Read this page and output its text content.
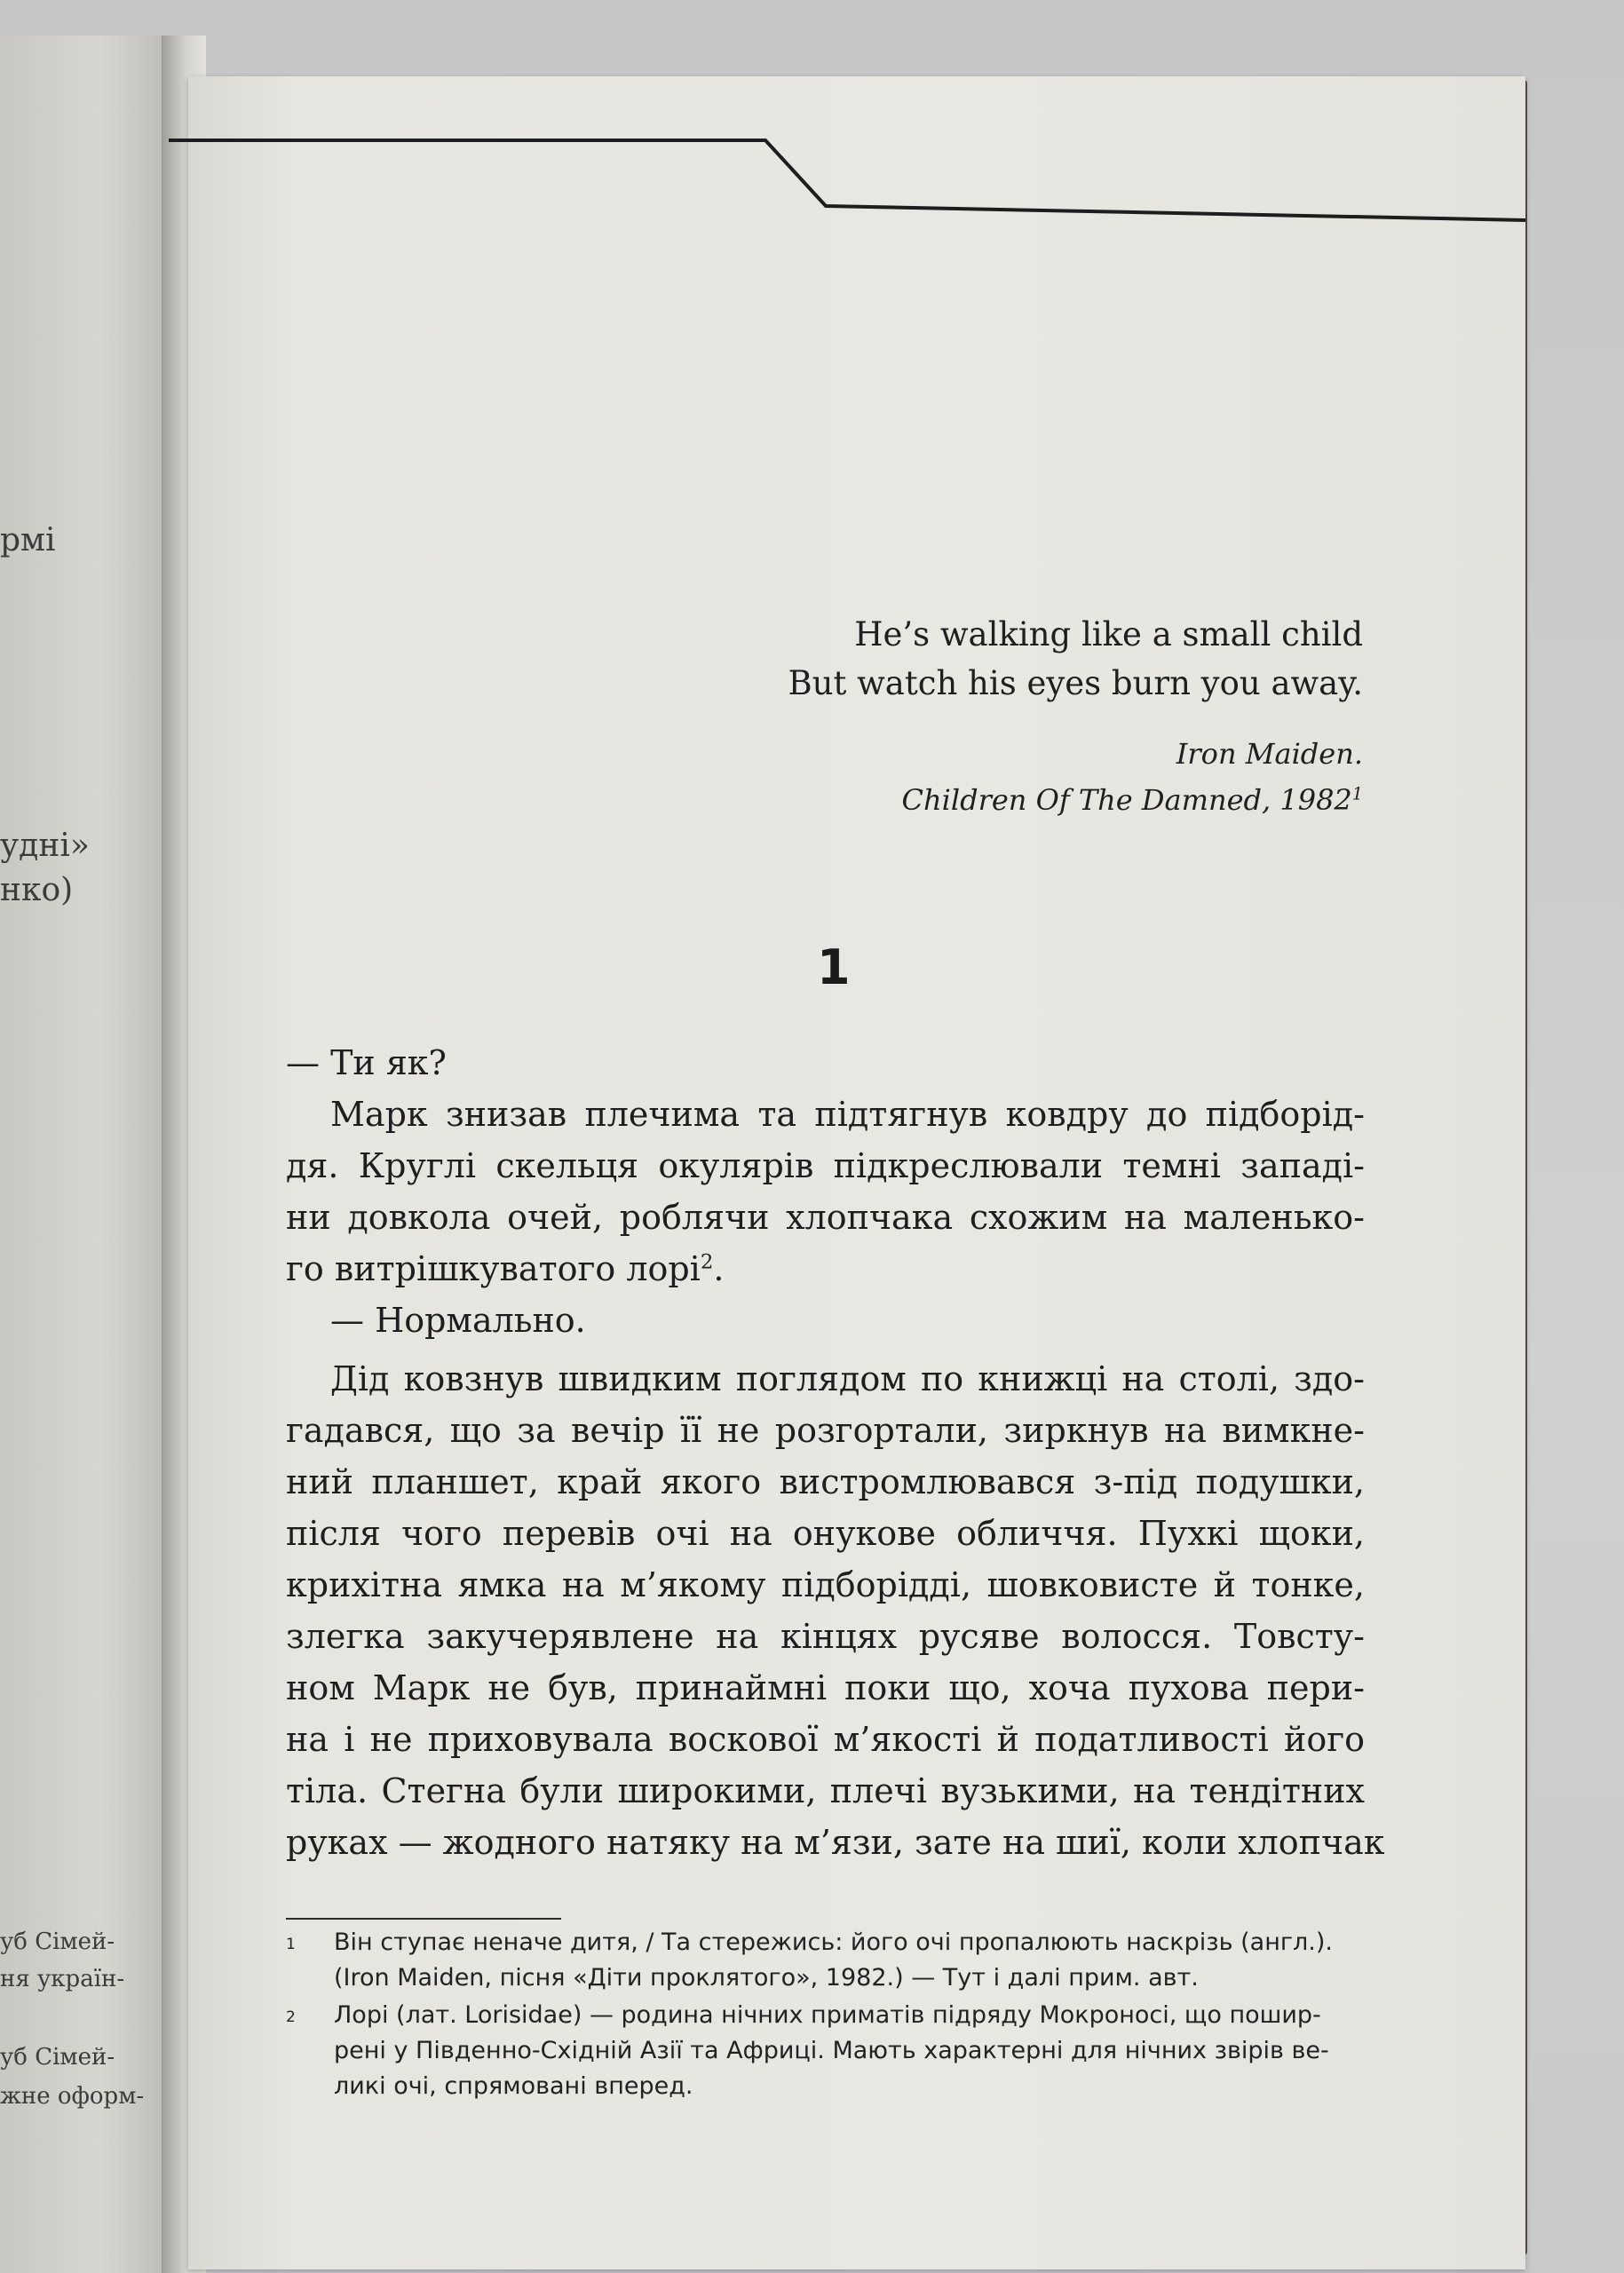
рмі
удні»
нко)
уб Сімей-
ня україн-
уб Сімей-
жне оформ-
He’s walking like a small child
But watch his eyes burn you away.
Iron Maiden.
Children Of The Damned, 1982$^1$
1
— Ти як?
Марк знизав плечима та підтягнув ковдру до підборід-
дя. Круглі скельця окулярів підкреслювали темні западі-
ни довкола очей, роблячи хлопчака схожим на маленько-
го витрішкуватого лорі$^2$.
— Нормально.
Дід ковзнув швидким поглядом по книжці на столі, здо-
гадався, що за вечір її не розгортали, зиркнув на вимкне-
ний планшет, край якого вистромлювався з-під подушки,
після чого перевів очі на онукове обличчя. Пухкі щоки,
крихітна ямка на м’якому підборідді, шовковисте й тонке,
злегка закучерявлене на кінцях русяве волосся. Товсту-
ном Марк не був, принаймні поки що, хоча пухова пери-
на і не приховувала воскової м’якості й податливості його
тіла. Стегна були широкими, плечі вузькими, на тендітних
руках — жодного натяку на м’язи, зате на шиї, коли хлопчак
1 Він ступає неначе дитя, / Та стережись: його очі пропалюють наскрізь (англ.).
(Iron Maiden, пісня «Діти проклятого», 1982.) — Тут і далі прим. авт.
2 Лорі (лат. Lorisidae) — родина нічних приматів підряду Мокроносі, що пошир-
рені у Південно-Східній Азії та Африці. Мають характерні для нічних звірів ве-
ликі очі, спрямовані вперед.
